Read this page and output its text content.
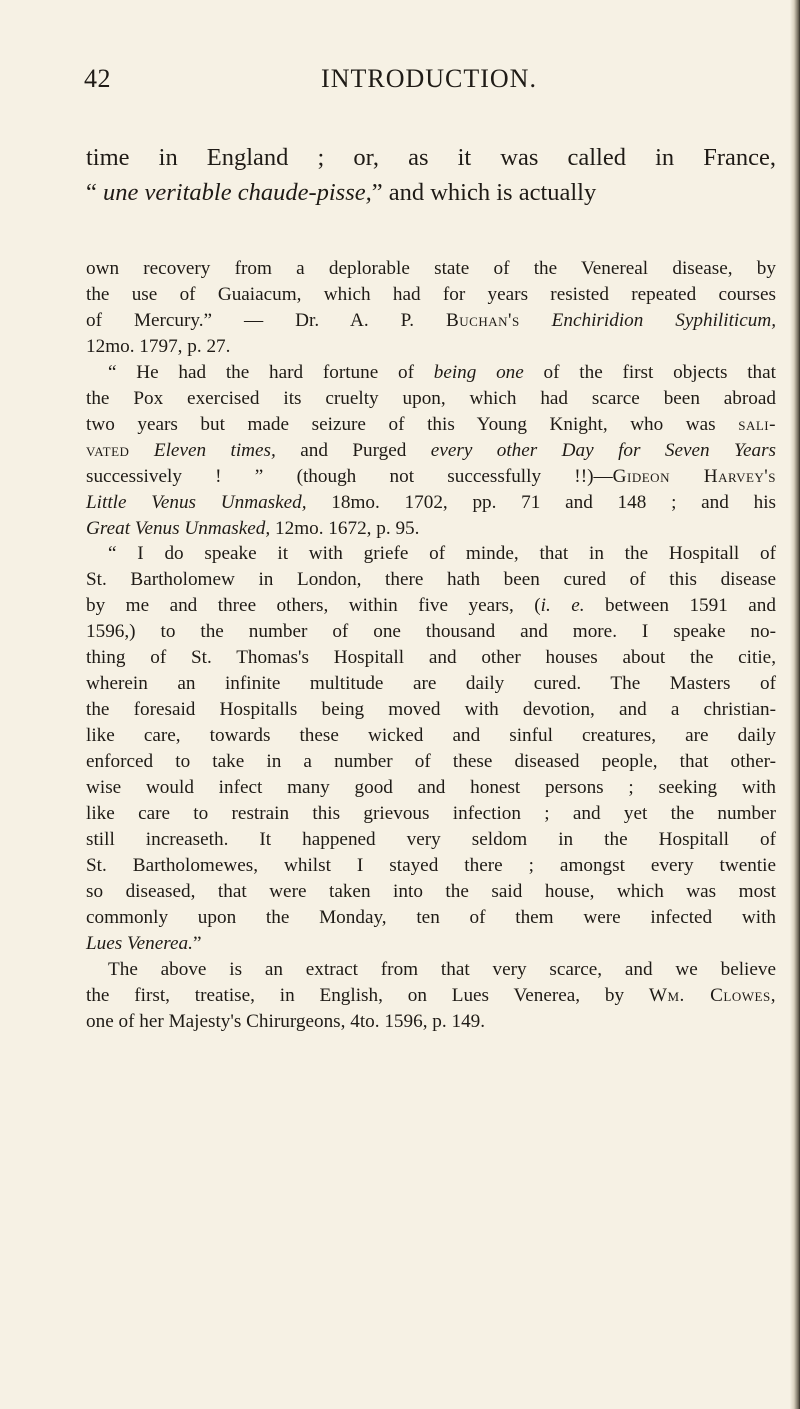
42	INTRODUCTION.
time in England ; or, as it was called in France,
“ une veritable chaude-pisse,” and which is actually
own recovery from a deplorable state of the Venereal disease, by
the use of Guaiacum, which had for years resisted repeated courses
of Mercury.” — Dr. A. P. Buchan's Enchiridion Syphiliticum,
12mo. 1797, p. 27.
“ He had the hard fortune of being one of the first objects that
the Pox exercised its cruelty upon, which had scarce been abroad
two years but made seizure of this Young Knight, who was sali-
vated Eleven times, and Purged every other Day for Seven Years
successively ! ” (though not successfully !!)—Gideon Harvey's
Little Venus Unmasked, 18mo. 1702, pp. 71 and 148 ; and his
Great Venus Unmasked, 12mo. 1672, p. 95.
“ I do speake it with griefe of minde, that in the Hospitall of
St. Bartholomew in London, there hath been cured of this disease
by me and three others, within five years, (i. e. between 1591 and
1596,) to the number of one thousand and more. I speake no-
thing of St. Thomas's Hospitall and other houses about the citie,
wherein an infinite multitude are daily cured. The Masters of
the foresaid Hospitalls being moved with devotion, and a christian-
like care, towards these wicked and sinful creatures, are daily
enforced to take in a number of these diseased people, that other-
wise would infect many good and honest persons ; seeking with
like care to restrain this grievous infection ; and yet the number
still increaseth. It happened very seldom in the Hospitall of
St. Bartholomewes, whilst I stayed there ; amongst every twentie
so diseased, that were taken into the said house, which was most
commonly upon the Monday, ten of them were infected with
Lues Venerea.”
The above is an extract from that very scarce, and we believe
the first, treatise, in English, on Lues Venerea, by Wm. Clowes,
one of her Majesty's Chirurgeons, 4to. 1596, p. 149.
